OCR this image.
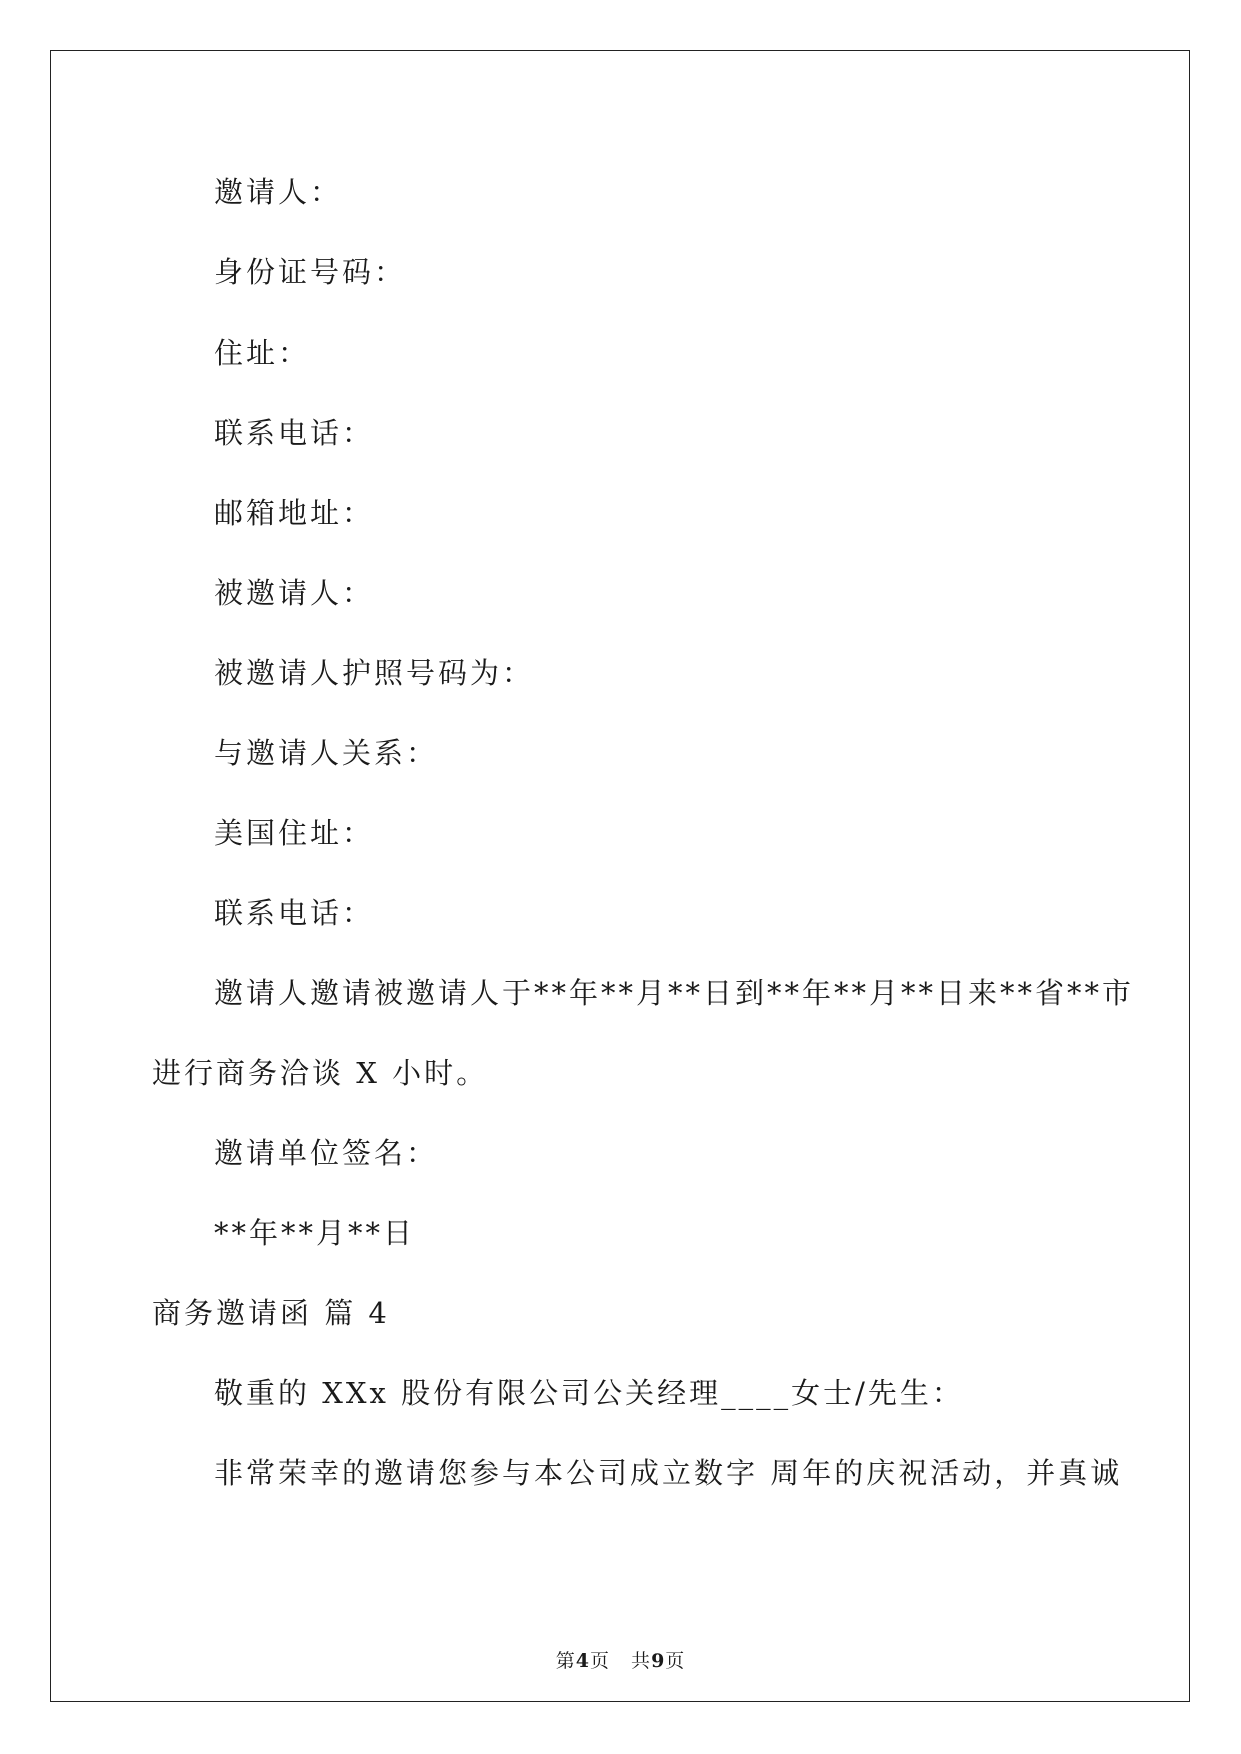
邀请人：

身份证号码：

住址：

联系电话：

邮箱地址：

被邀请人：

被邀请人护照号码为：

与邀请人关系：

美国住址：

联系电话：

邀请人邀请被邀请人于**年**月**日到**年**月**日来**省**市

进行商务洽谈 X 小时。

邀请单位签名：

**年**月**日

商务邀请函 篇 4

敬重的 XXx 股份有限公司公关经理____女士/先生：

非常荣幸的邀请您参与本公司成立数字 周年的庆祝活动，并真诚

第4页   共9页
